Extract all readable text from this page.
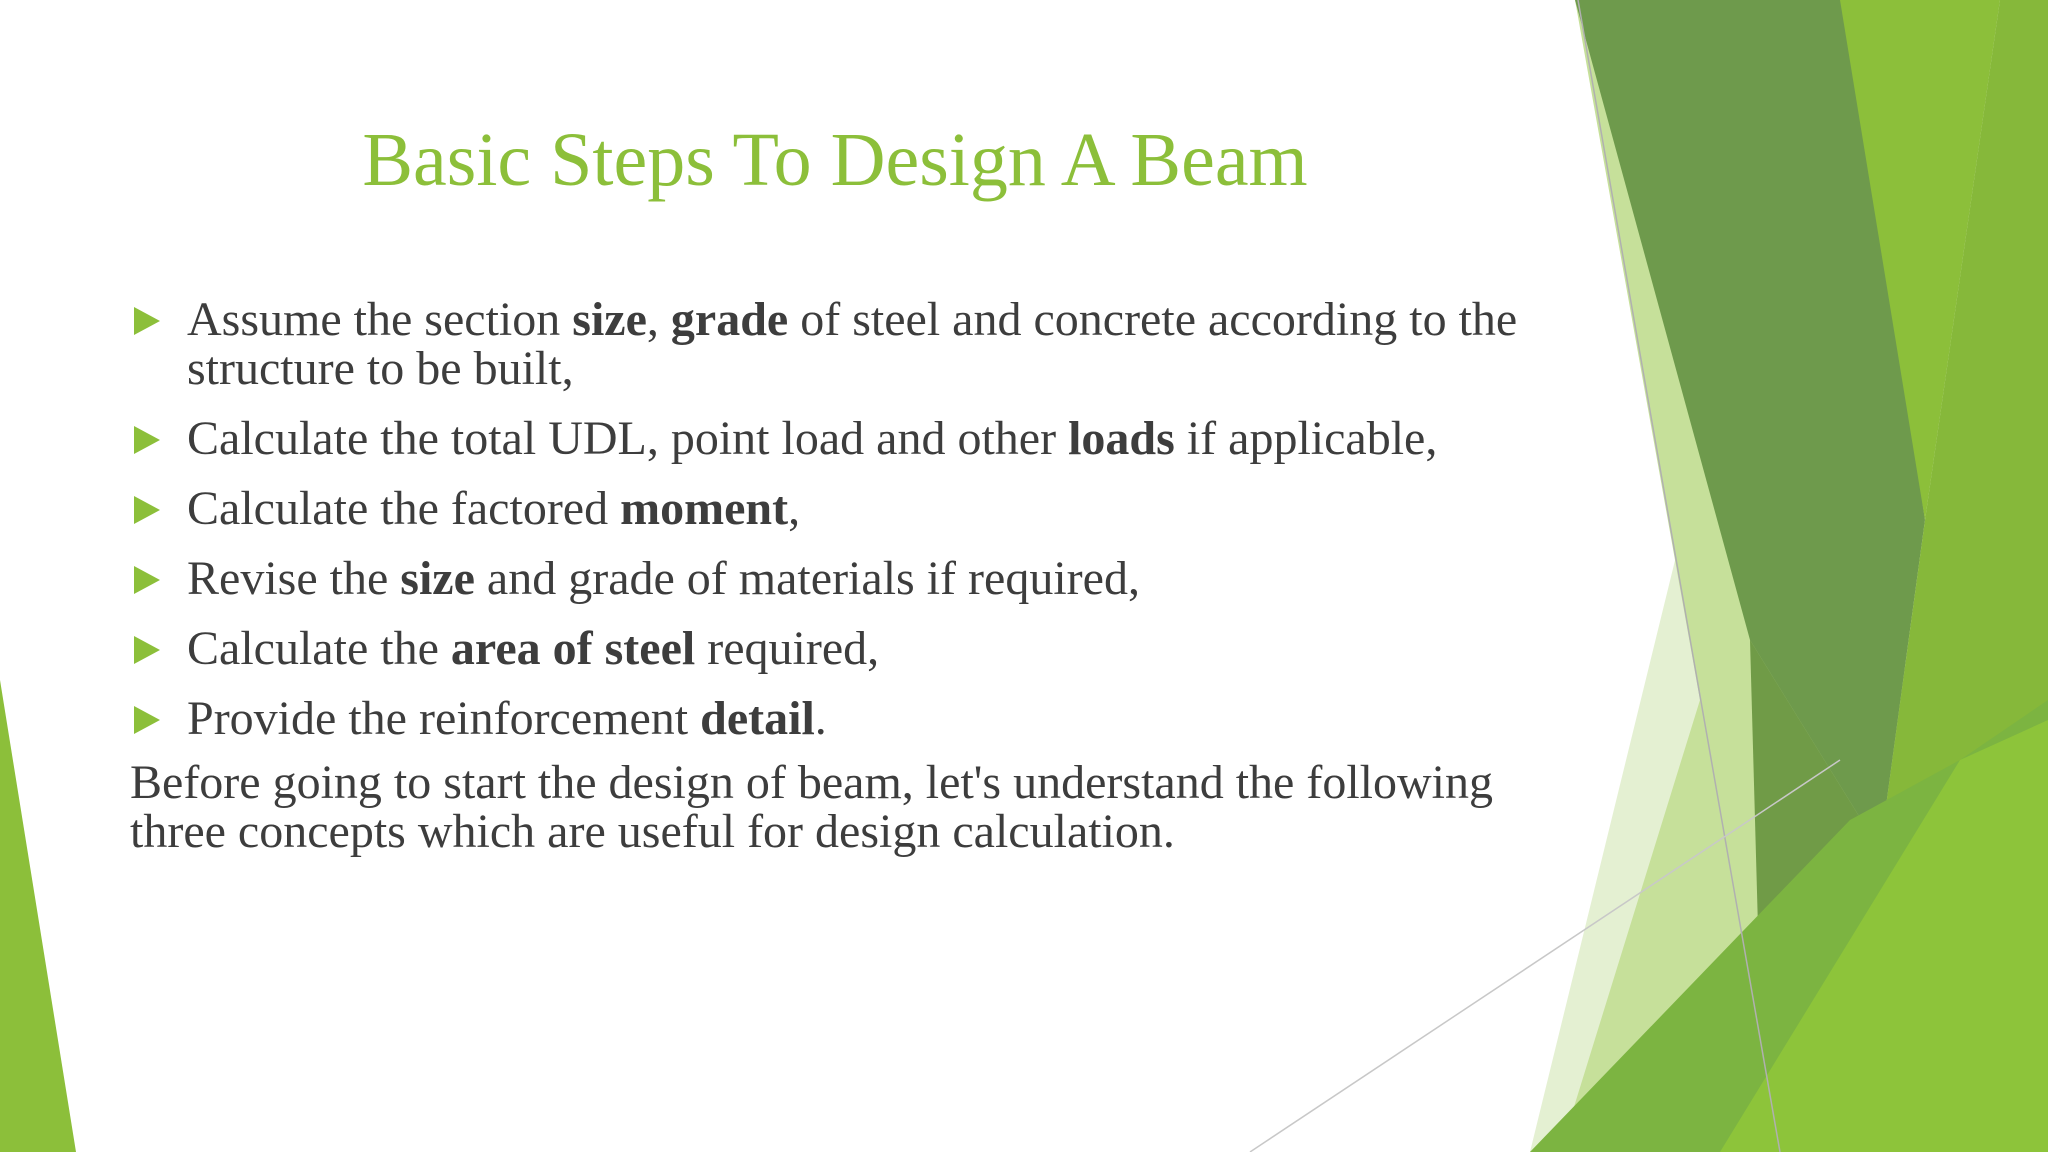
Basic Steps To Design A Beam
Assume the section size, grade of steel and concrete according to the structure to be built,
Calculate the total UDL, point load and other loads if applicable,
Calculate the factored moment,
Revise the size and grade of materials if required,
Calculate the area of steel required,
Provide the reinforcement detail.
Before going to start the design of beam, let's understand the following three concepts which are useful for design calculation.
